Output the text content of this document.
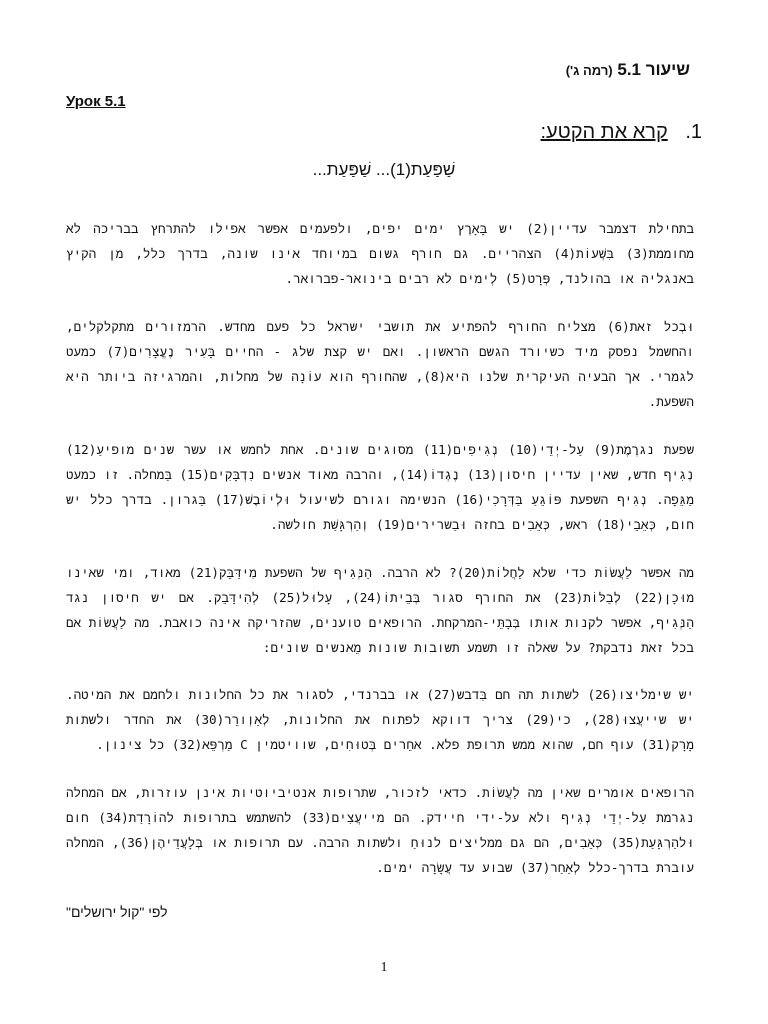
שיעור 5.1 (רמה ג')
Урок 5.1
1. קרא את הקטע:
שַׁפַּעַת(1)... שַׁפַּעַת...

בתחילת דצמבר עדיין(2) יש בָּאָרֶץ ימים יפים, ולפעמים אפשר אפילו להתרחץ בבריכה לא מחוממת(3) בִּשְׁעוֹת(4) הצהריים. גם חורף גשום במיוחד אינו שונה, בדרך כלל, מן הקיץ באנגליה או בהולנד, פְּרָט(5) לְימים לא רבים בינואר-פברואר.

וּבְכל זאת(6) מצליח החורף להפתיע את תושבי ישראל כל פעם מחדש. הרמזורים מתקלקלים, והחשמל נפסק מיד כשיורד הגשם הראשון. ואם יש קצת שלג - החיים בָּעִיר נֶעֱצָרִים(7) כמעט לגמרי. אך הבעיה העיקרית שלנו היא(8), שהחורף הוא עוֹנָה של מחלות, והמרגיזה ביותר היא השפעת.

שפעת נגרֶמֶת(9) עַל-יְדֵי(10) נְגִיפִים(11) מסוגים שונים. אחת לחמש או עשר שנים מופיעַ(12) נְגִיף חדש, שאין עדיין חיסון(13) נֶגְדוֹ(14), והרבה מאוד אנשים נִדְבָּקִים(15) בַּמחלה. זו כמעט מַגֵּפָה. נְגִיף השפעת פּוֹגֵעַ בַּדְּרָכִי(16) הנשימה וגורם לשיעול וּלְיוֹבֶשׁ(17) בַּגרון. בדרך כלל יש חום, כְּאֵבֵי(18) ראש, כְּאֵבִים בחזה וּבַשרירים(19) וְהַרְגָּשַׁת חולשה.

מה אפשר לַעֲשׂוֹת כדי שלא לַחֲלוֹת(20)? לא הרבה. הַנְּגִיף של השפעת מִידַּבֵּק(21) מאוד, ומי שאינו מוּכָן(22) לְבַלּוֹת(23) את החורף סגור בְּבֵיתוֹ(24), עָלוּל(25) לְהִידָּבֵק. אם יש חיסון נגד הַנְּגִיף, אפשר לקנות אותו בְּבָתֵּי-המרקחת. הרופאים טוענים, שהזריקה אינה כואבת. מה לַעֲשׂוֹת אם בכל זאת נדבקת? על שאלה זו תשמע תשובות שונות מֵאנשים שונים:

יש שימליצו(26) לשתות תה חם בִּדבש(27) או בברנדי, לסגור את כל החלונות ולחמם את המיטה. יש שייעֲצוּ(28), כי(29) צריך דווקא לפתוח את החלונות, לְאַוְורֵר(30) את החדר ולשתות מָרָק(31) עוף חם, שהוא ממש תרופת פלא. אחֵרים בְּטוּחִים, שוויטמין C מַרְפֵּא(32) כל צינון.

הרופאים אומרים שאין מה לַעֲשׂוֹת. כדאי לזכור, שתרופות אנטיביוטיות אינן עוזרות, אם המחלה נגרמת עַל-יְדֵי נְגִיף ולא על-ידי חיידק. הם מייעֲצִים(33) להשתמש בתרופות להוֹרָדַת(34) חום וּלהַרְגָּעַת(35) כְּאֵבִים, הם גם ממליצים לנוּחַ ולשתות הרבה. עם תרופות או בְּלָעֲדֵיהֶן(36), המחלה עוברת בדרך-כלל לְאַחַר(37) שבוע עד עֲשָׂרָה ימים.

לפי "קול ירושלים"
1
